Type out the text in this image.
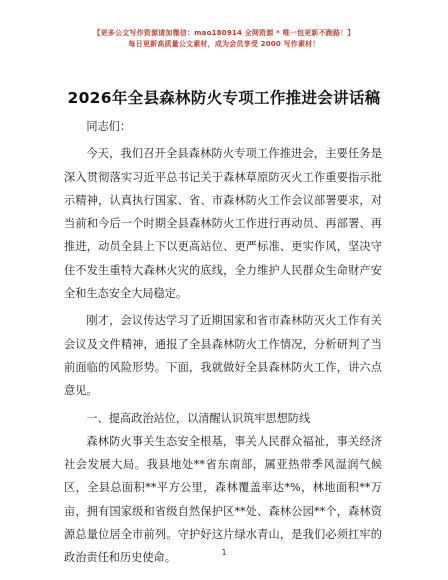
【更多公文写作资源请加微信：mao180914 全网资源 * 唯一包更新不跑路！】
每日更新高质量公文素材，成为会员享受 2000 写作素材！
2026年全县森林防火专项工作推进会讲话稿

同志们：

今天，我们召开全县森林防火专项工作推进会，主要任务是深入贯彻落实习近平总书记关于森林草原防灭火工作重要指示批示精神，认真执行国家、省、市森林防火工作会议部署要求，对当前和今后一个时期全县森林防火工作进行再动员、再部署、再推进，动员全县上下以更高站位、更严标准、更实作风，坚决守住不发生重特大森林火灾的底线，全力维护人民群众生命财产安全和生态安全大局稳定。

刚才，会议传达学习了近期国家和省市森林防灭火工作有关会议及文件精神，通报了全县森林防火工作情况，分析研判了当前面临的风险形势。下面，我就做好全县森林防火工作，讲六点意见。

一、提高政治站位，以清醒认识筑牢思想防线

森林防火事关生态安全根基，事关人民群众福祉，事关经济社会发展大局。我县地处**省东南部，属亚热带季风湿润气候区，全县总面积**平方公里，森林覆盖率达*%，林地面积**万亩，拥有国家级和省级自然保护区**处、森林公园**个，森林资源总量位居全市前列。守护好这片绿水青山，是我们必须扛牢的政治责任和历史使命。	1
